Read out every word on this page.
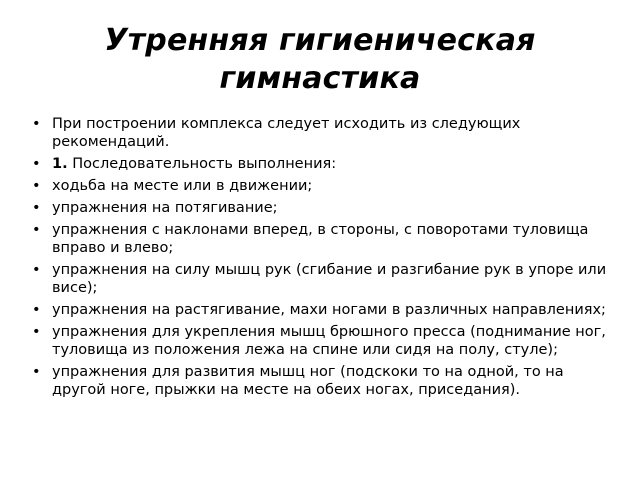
Утренняя гигиеническая
гимнастика
• При построении комплекса следует исходить из следующих рекомендаций.
• 1. Последовательность выполнения:
• ходьба на месте или в движении;
• упражнения на потягивание;
• упражнения с наклонами вперед, в стороны, с поворотами туловища вправо и влево;
• упражнения на силу мышц рук (сгибание и разгибание рук в упоре или висе);
• упражнения на растягивание, махи ногами в различных направлениях;
• упражнения для укрепления мышц брюшного пресса (поднимание ног, туловища из положения лежа на спине или сидя на полу, стуле);
• упражнения для развития мышц ног (подскоки то на одной, то на другой ноге, прыжки на месте на обеих ногах, приседания).
